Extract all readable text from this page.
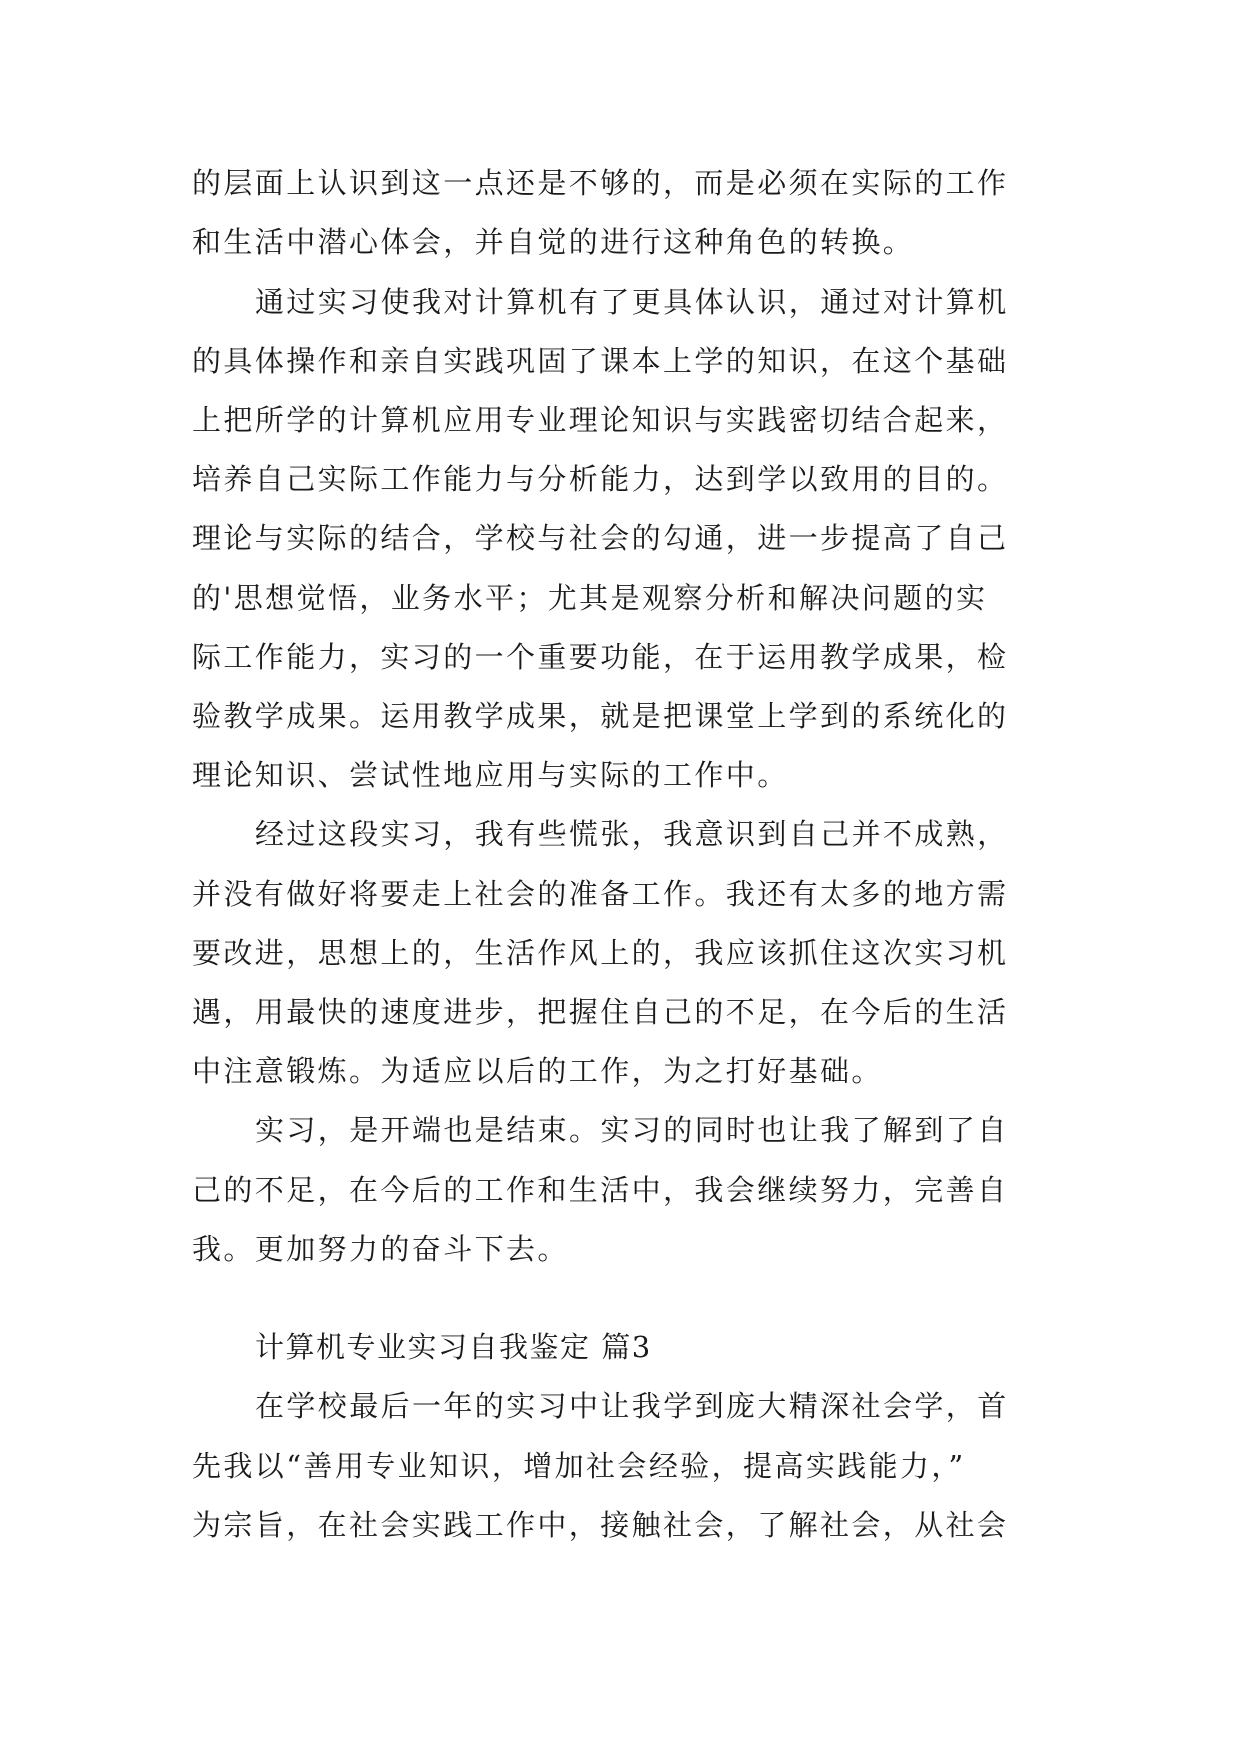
的层面上认识到这一点还是不够的，而是必须在实际的工作
和生活中潜心体会，并自觉的进行这种角色的转换。
通过实习使我对计算机有了更具体认识，通过对计算机
的具体操作和亲自实践巩固了课本上学的知识，在这个基础
上把所学的计算机应用专业理论知识与实践密切结合起来，
培养自己实际工作能力与分析能力，达到学以致用的目的。
理论与实际的结合，学校与社会的勾通，进一步提高了自己
的'思想觉悟，业务水平；尤其是观察分析和解决问题的实
际工作能力，实习的一个重要功能，在于运用教学成果，检
验教学成果。运用教学成果，就是把课堂上学到的系统化的
理论知识、尝试性地应用与实际的工作中。
经过这段实习，我有些慌张，我意识到自己并不成熟，
并没有做好将要走上社会的准备工作。我还有太多的地方需
要改进，思想上的，生活作风上的，我应该抓住这次实习机
遇，用最快的速度进步，把握住自己的不足，在今后的生活
中注意锻炼。为适应以后的工作，为之打好基础。
实习，是开端也是结束。实习的同时也让我了解到了自
己的不足，在今后的工作和生活中，我会继续努力，完善自
我。更加努力的奋斗下去。
计算机专业实习自我鉴定 篇3
在学校最后一年的实习中让我学到庞大精深社会学，首
先我以“善用专业知识，增加社会经验，提高实践能力，”
为宗旨，在社会实践工作中，接触社会，了解社会，从社会
